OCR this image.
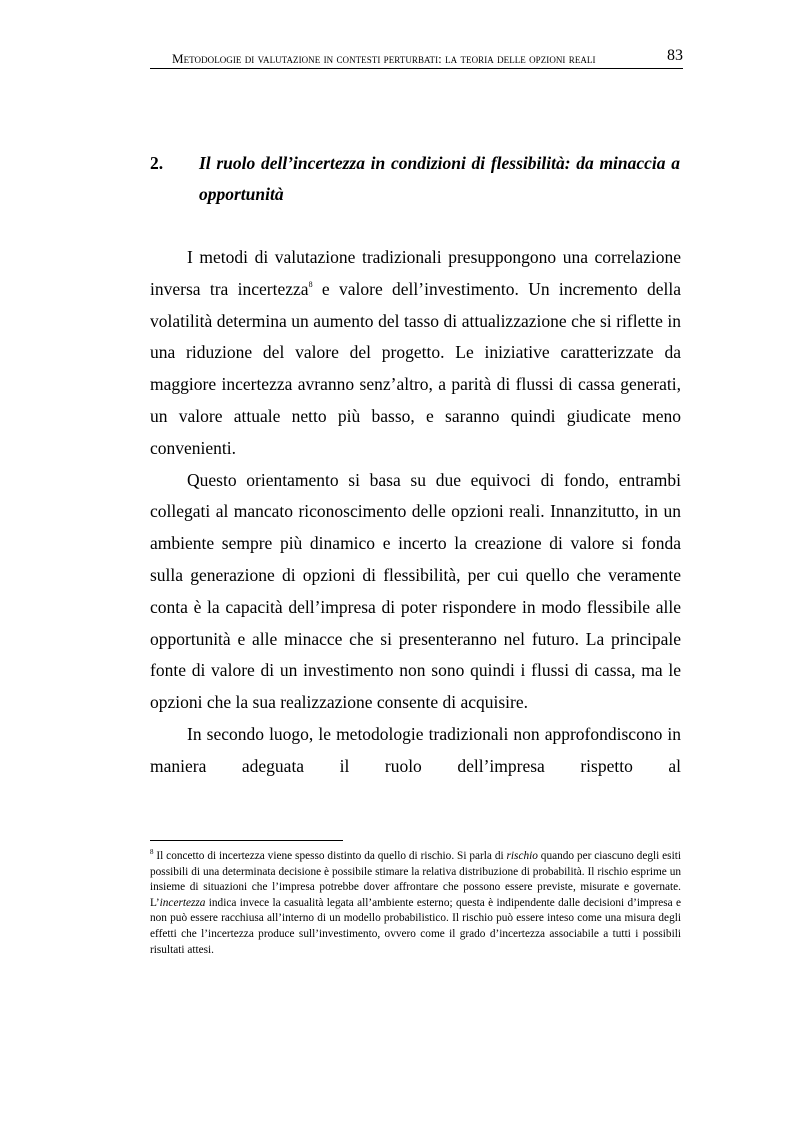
Metodologie di valutazione in contesti perturbati: la teoria delle opzioni reali	83
2. Il ruolo dell’incertezza in condizioni di flessibilità: da minaccia a opportunità

I metodi di valutazione tradizionali presuppongono una correlazione inversa tra incertezza$^8$ e valore dell’investimento. Un incremento della volatilità determina un aumento del tasso di attualizzazione che si riflette in una riduzione del valore del progetto. Le iniziative caratterizzate da maggiore incertezza avranno senz’altro, a parità di flussi di cassa generati, un valore attuale netto più basso, e saranno quindi giudicate meno convenienti.

Questo orientamento si basa su due equivoci di fondo, entrambi collegati al mancato riconoscimento delle opzioni reali. Innanzitutto, in un ambiente sempre più dinamico e incerto la creazione di valore si fonda sulla generazione di opzioni di flessibilità, per cui quello che veramente conta è la capacità dell’impresa di poter rispondere in modo flessibile alle opportunità e alle minacce che si presenteranno nel futuro. La principale fonte di valore di un investimento non sono quindi i flussi di cassa, ma le opzioni che la sua realizzazione consente di acquisire.

In secondo luogo, le metodologie tradizionali non approfondiscono in maniera adeguata il ruolo dell’impresa rispetto al

$^8$ Il concetto di incertezza viene spesso distinto da quello di rischio. Si parla di rischio quando per ciascuno degli esiti possibili di una determinata decisione è possibile stimare la relativa distribuzione di probabilità. Il rischio esprime un insieme di situazioni che l’impresa potrebbe dover affrontare che possono essere previste, misurate e governate. L’incertezza indica invece la casualità legata all’ambiente esterno; questa è indipendente dalle decisioni d’impresa e non può essere racchiusa all’interno di un modello probabilistico. Il rischio può essere inteso come una misura degli effetti che l’incertezza produce sull’investimento, ovvero come il grado d’incertezza associabile a tutti i possibili risultati attesi.
